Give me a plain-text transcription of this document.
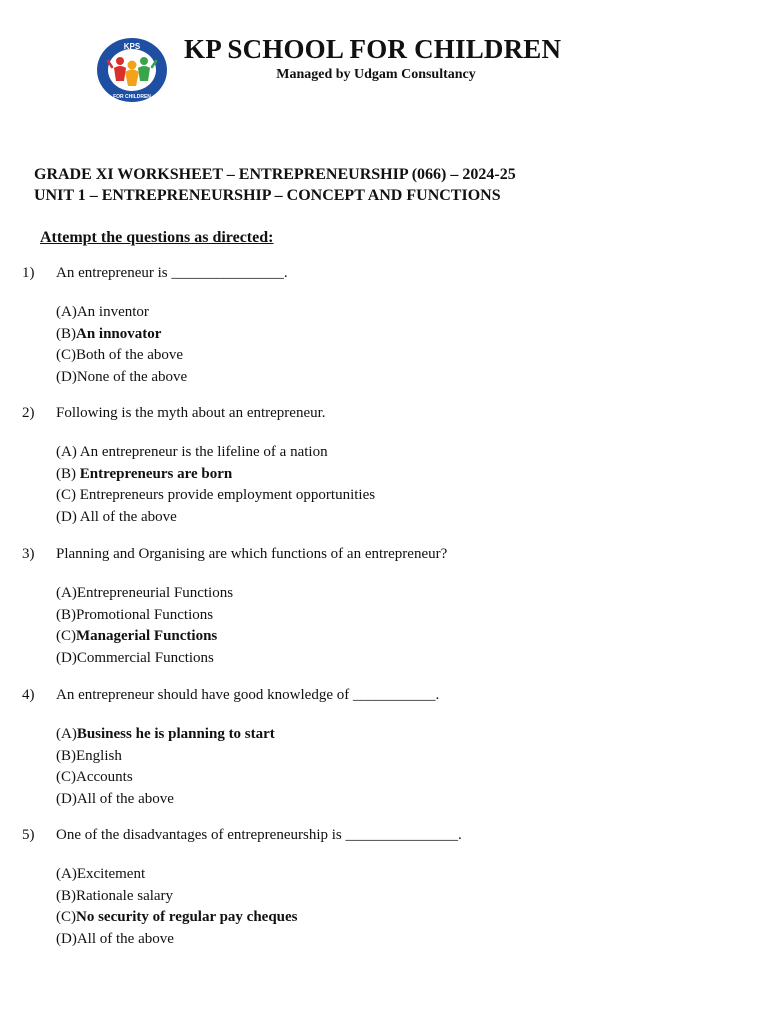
KPS
FOR CHILDREN
KP SCHOOL FOR CHILDREN
Managed by Udgam Consultancy
GRADE XI WORKSHEET – ENTREPRENEURSHIP (066) – 2024-25
UNIT 1 – ENTREPRENEURSHIP – CONCEPT AND FUNCTIONS
Attempt the questions as directed:
1) An entrepreneur is _______________.
(A)An inventor
(B)An innovator
(C)Both of the above
(D)None of the above
2) Following is the myth about an entrepreneur.
(A) An entrepreneur is the lifeline of a nation
(B) Entrepreneurs are born
(C) Entrepreneurs provide employment opportunities
(D) All of the above
3) Planning and Organising are which functions of an entrepreneur?
(A)Entrepreneurial Functions
(B)Promotional Functions
(C)Managerial Functions
(D)Commercial Functions
4) An entrepreneur should have good knowledge of ___________.
(A)Business he is planning to start
(B)English
(C)Accounts
(D)All of the above
5) One of the disadvantages of entrepreneurship is _______________.
(A)Excitement
(B)Rationale salary
(C)No security of regular pay cheques
(D)All of the above
